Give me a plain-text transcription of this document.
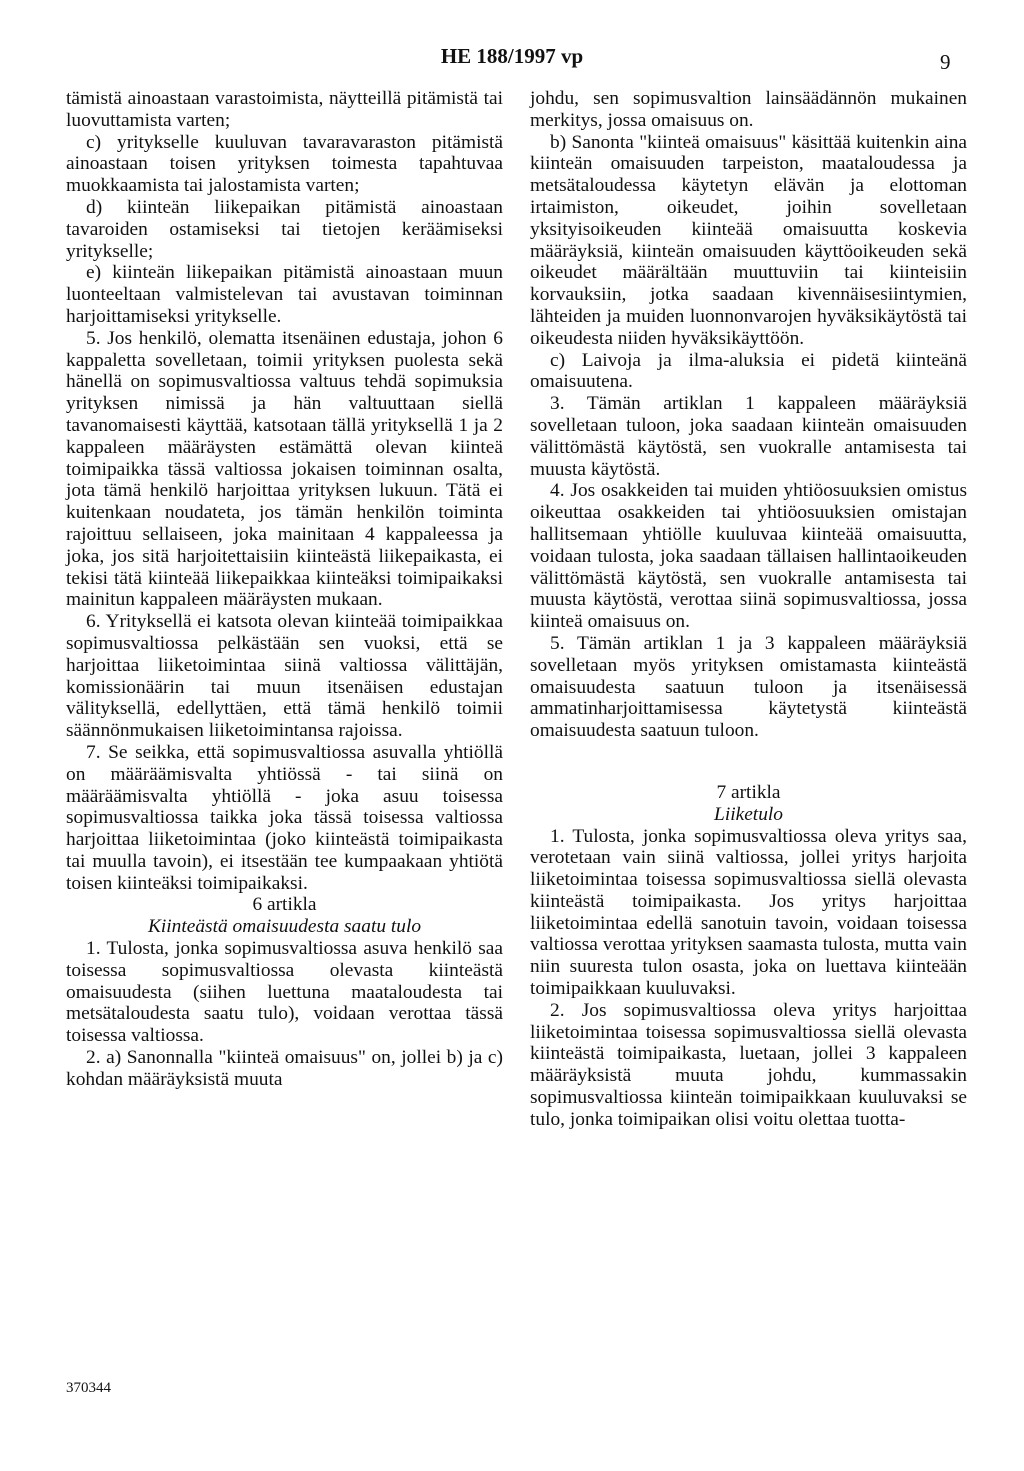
HE 188/1997 vp	9

tämistä ainoastaan varastoimista, näytteillä pitämistä tai luovuttamista varten;

c) yritykselle kuuluvan tavaravaraston pitämistä ainoastaan toisen yrityksen toimesta tapahtuvaa muokkaamista tai jalostamista varten;

d) kiinteän liikepaikan pitämistä ainoastaan tavaroiden ostamiseksi tai tietojen keräämiseksi yritykselle;

e) kiinteän liikepaikan pitämistä ainoastaan muun luonteeltaan valmistelevan tai avustavan toiminnan harjoittamiseksi yritykselle.

5. Jos henkilö, olematta itsenäinen edustaja, johon 6 kappaletta sovelletaan, toimii yrityksen puolesta sekä hänellä on sopimusvaltiossa valtuus tehdä sopimuksia yrityksen nimissä ja hän valtuuttaan siellä tavanomaisesti käyttää, katsotaan tällä yrityksellä 1 ja 2 kappaleen määräysten estämättä olevan kiinteä toimipaikka tässä valtiossa jokaisen toiminnan osalta, jota tämä henkilö harjoittaa yrityksen lukuun. Tätä ei kuitenkaan noudateta, jos tämän henkilön toiminta rajoittuu sellaiseen, joka mainitaan 4 kappaleessa ja joka, jos sitä harjoitettaisiin kiinteästä liikepaikasta, ei tekisi tätä kiinteää liikepaikkaa kiinteäksi toimipaikaksi mainitun kappaleen määräysten mukaan.

6. Yrityksellä ei katsota olevan kiinteää toimipaikkaa sopimusvaltiossa pelkästään sen vuoksi, että se harjoittaa liiketoimintaa siinä valtiossa välittäjän, komissionäärin tai muun itsenäisen edustajan välityksellä, edellyttäen, että tämä henkilö toimii säännönmukaisen liiketoimintansa rajoissa.

7. Se seikka, että sopimusvaltiossa asuvalla yhtiöllä on määräämisvalta yhtiössä - tai siinä on määräämisvalta yhtiöllä - joka asuu toisessa sopimusvaltiossa taikka joka tässä toisessa valtiossa harjoittaa liiketoimintaa (joko kiinteästä toimipaikasta tai muulla tavoin), ei itsestään tee kumpaakaan yhtiötä toisen kiinteäksi toimipaikaksi.

6 artikla

Kiinteästä omaisuudesta saatu tulo

1. Tulosta, jonka sopimusvaltiossa asuva henkilö saa toisessa sopimusvaltiossa olevasta kiinteästä omaisuudesta (siihen luettuna maataloudesta tai metsätaloudesta saatu tulo), voidaan verottaa tässä toisessa valtiossa.

2. a) Sanonnalla "kiinteä omaisuus" on, jollei b) ja c) kohdan määräyksistä muuta

johdu, sen sopimusvaltion lainsäädännön mukainen merkitys, jossa omaisuus on.

b) Sanonta "kiinteä omaisuus" käsittää kuitenkin aina kiinteän omaisuuden tarpeiston, maataloudessa ja metsätaloudessa käytetyn elävän ja elottoman irtaimiston, oikeudet, joihin sovelletaan yksityisoikeuden kiinteää omaisuutta koskevia määräyksiä, kiinteän omaisuuden käyttöoikeuden sekä oikeudet määrältään muuttuviin tai kiinteisiin korvauksiin, jotka saadaan kivennäisesiintymien, lähteiden ja muiden luonnonvarojen hyväksikäytöstä tai oikeudesta niiden hyväksikäyttöön.

c) Laivoja ja ilma-aluksia ei pidetä kiinteänä omaisuutena.

3. Tämän artiklan 1 kappaleen määräyksiä sovelletaan tuloon, joka saadaan kiinteän omaisuuden välittömästä käytöstä, sen vuokralle antamisesta tai muusta käytöstä.

4. Jos osakkeiden tai muiden yhtiöosuuksien omistus oikeuttaa osakkeiden tai yhtiöosuuksien omistajan hallitsemaan yhtiölle kuuluvaa kiinteää omaisuutta, voidaan tulosta, joka saadaan tällaisen hallintaoikeuden välittömästä käytöstä, sen vuokralle antamisesta tai muusta käytöstä, verottaa siinä sopimusvaltiossa, jossa kiinteä omaisuus on.

5. Tämän artiklan 1 ja 3 kappaleen määräyksiä sovelletaan myös yrityksen omistamasta kiinteästä omaisuudesta saatuun tuloon ja itsenäisessä ammatinharjoittamisessa käytetystä kiinteästä omaisuudesta saatuun tuloon.

7 artikla

Liiketulo

1. Tulosta, jonka sopimusvaltiossa oleva yritys saa, verotetaan vain siinä valtiossa, jollei yritys harjoita liiketoimintaa toisessa sopimusvaltiossa siellä olevasta kiinteästä toimipaikasta. Jos yritys harjoittaa liiketoimintaa edellä sanotuin tavoin, voidaan toisessa valtiossa verottaa yrityksen saamasta tulosta, mutta vain niin suuresta tulon osasta, joka on luettava kiinteään toimipaikkaan kuuluvaksi.

2. Jos sopimusvaltiossa oleva yritys harjoittaa liiketoimintaa toisessa sopimusvaltiossa siellä olevasta kiinteästä toimipaikasta, luetaan, jollei 3 kappaleen määräyksistä muuta johdu, kummassakin sopimusvaltiossa kiinteän toimipaikkaan kuuluvaksi se tulo, jonka toimipaikan olisi voitu olettaa tuotta-

370344
